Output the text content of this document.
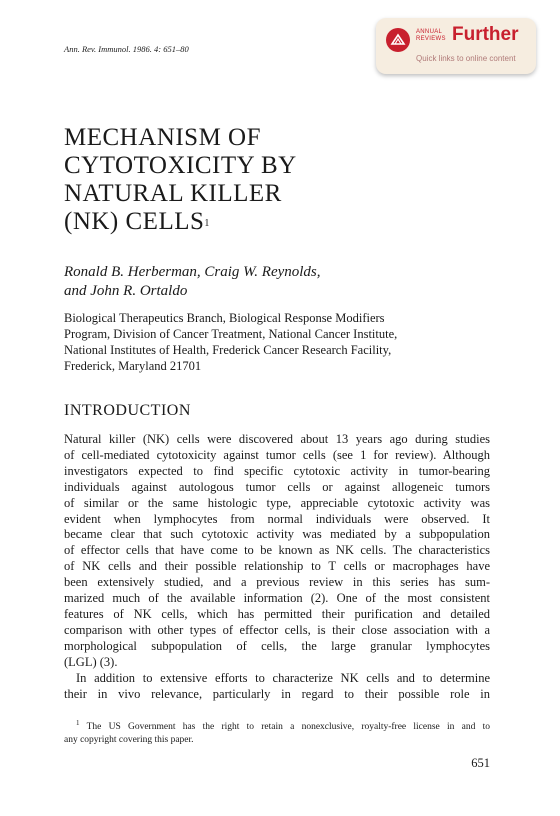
Ann. Rev. Immunol. 1986. 4: 651–80
ANNUAL
REVIEWS Further
Quick links to online content
MECHANISM OF
CYTOTOXICITY BY
NATURAL KILLER
(NK) CELLS$^1$
Ronald B. Herberman, Craig W. Reynolds,
and John R. Ortaldo
Biological Therapeutics Branch, Biological Response Modifiers
Program, Division of Cancer Treatment, National Cancer Institute,
National Institutes of Health, Frederick Cancer Research Facility,
Frederick, Maryland 21701
INTRODUCTION
Natural killer (NK) cells were discovered about 13 years ago during studies
of cell-mediated cytotoxicity against tumor cells (see 1 for review). Although
investigators expected to find specific cytotoxic activity in tumor-bearing
individuals against autologous tumor cells or against allogeneic tumors
of similar or the same histologic type, appreciable cytotoxic activity was
evident when lymphocytes from normal individuals were observed. It
became clear that such cytotoxic activity was mediated by a subpopulation
of effector cells that have come to be known as NK cells. The characteristics
of NK cells and their possible relationship to T cells or macrophages have
been extensively studied, and a previous review in this series has sum-
marized much of the available information (2). One of the most consistent
features of NK cells, which has permitted their purification and detailed
comparison with other types of effector cells, is their close association with a
morphological subpopulation of cells, the large granular lymphocytes
(LGL) (3).
In addition to extensive efforts to characterize NK cells and to determine
their in vivo relevance, particularly in regard to their possible role in
$^1$ The US Government has the right to retain a nonexclusive, royalty-free license in and to
any copyright covering this paper.
651
